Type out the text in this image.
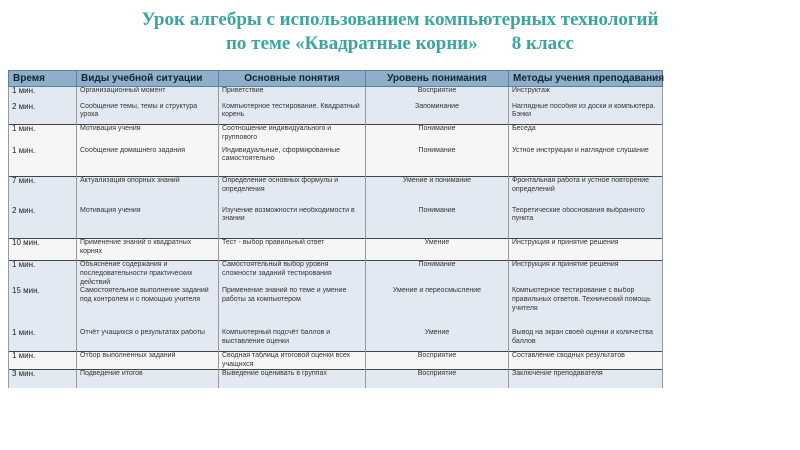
Урок алгебры с использованием компьютерных технологий
по теме «Квадратные корни» 8 класс
Время	Виды учебной ситуации	Основные понятия	Уровень понимания	Методы учения преподавания

1 мин.	Организационный момент	Приветствие	Восприятие	Инструктаж

2 мин.	Сообщение темы, темы и структура урока	Компьютерное тестирование. Квадратный корень	Запоминание	Наглядные пособия из доски и компьютера. Бэнки

1 мин.	Мотивация учения	Соотношение индивидуального и группового	Понимание	Беседа

1 мин.	Сообщение домашнего задания	Индивидуальные, сформированные самостоятельно	Понимание	Устное инструкции и наглядное слушание

7 мин.	Актуализация опорных знаний	Определение основных формулы и определения	Умение и понимание	Фронтальная работа и устное повторение определений

2 мин.	Мотивация учения	Изучение возможности необходимости в знании	Понимание	Теоретические обоснования выбранного пункта

10 мин.	Применение знаний о квадратных корнях	Тест - выбор правильный ответ	Умение	Инструкция и принятие решения

1 мин.	Объяснение содержания и последовательности практических действий	Самостоятельный выбор уровня сложности заданий тестирования	Понимание	Инструкция и принятие решения

15 мин.	Самостоятельное выполнение заданий под контролем и с помощью учителя	Применение знаний по теме и умение работы за компьютером	Умение и переосмысление	Компьютерное тестирование с выбор правильных ответов. Технический помощь учителя

1 мин.	Отчёт учащихся о результатах работы	Компьютерный подсчёт баллов и выставление оценки	Умение	Вывод на экран своей оценки и количества баллов

1 мин.	Отбор выполненных заданий	Сводная таблица итоговой оценки всех учащихся	Восприятие	Составление сводных результатов

3 мин.	Подведение итогов	Выведение оценивать в группах	Восприятие	Заключение преподавателя
